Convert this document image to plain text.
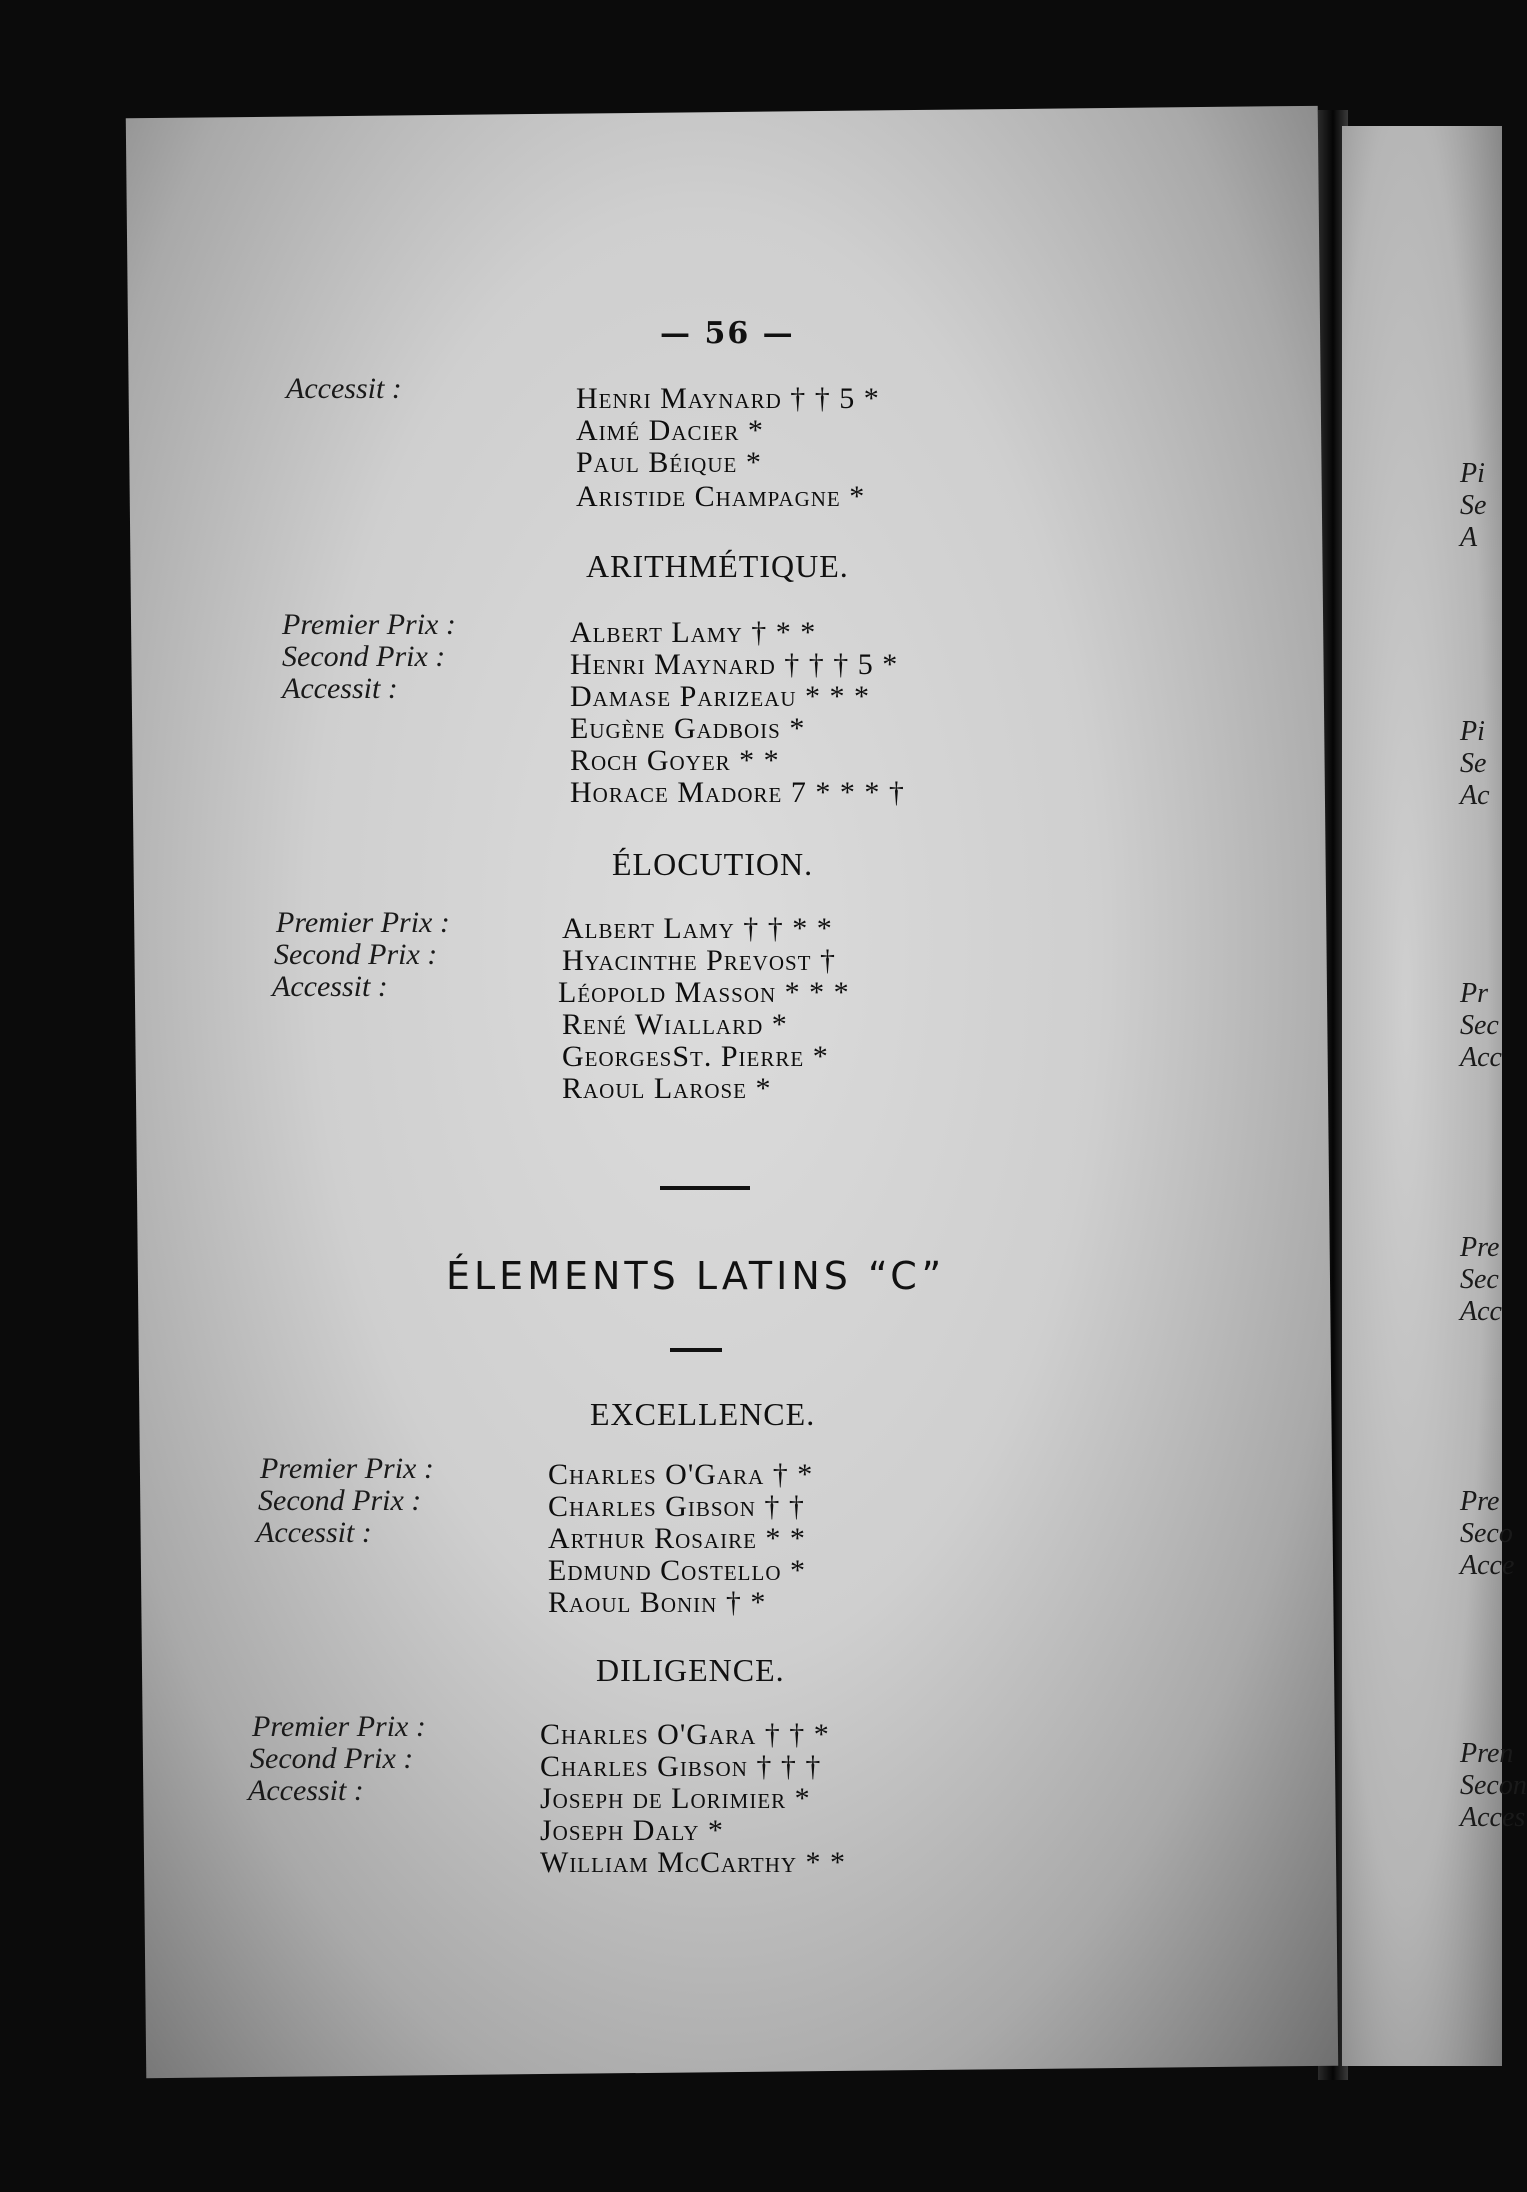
Pi
Se
A
Pi
Se
Ac
Pr
Sec
Acc
Pre
Sec
Acc
Pre
Seco
Acce
Pren
Secon
Acces
— 56 —
Accessit :	Henri Maynard † † 5 *
Aimé Dacier *
Paul Béique *
Aristide Champagne *
ARITHMÉTIQUE.
Premier Prix :
Second Prix :
Accessit :
Albert Lamy † * *
Henri Maynard † † † 5 *
Damase Parizeau * * *
Eugène Gadbois *
Roch Goyer * *
Horace Madore 7 * * * †
ÉLOCUTION.
Premier Prix :
Second Prix :
Accessit :
Albert Lamy † † * *
Hyacinthe Prevost †
Léopold Masson * * *
René Wiallard *
GeorgesSt. Pierre *
Raoul Larose *
ÉLEMENTS LATINS “C”
EXCELLENCE.
Premier Prix :
Second Prix :
Accessit :
Charles O'Gara † *
Charles Gibson † †
Arthur Rosaire * *
Edmund Costello *
Raoul Bonin † *
DILIGENCE.
Premier Prix :
Second Prix :
Accessit :
Charles O'Gara † † *
Charles Gibson † † †
Joseph de Lorimier *
Joseph Daly *
William McCarthy * *
